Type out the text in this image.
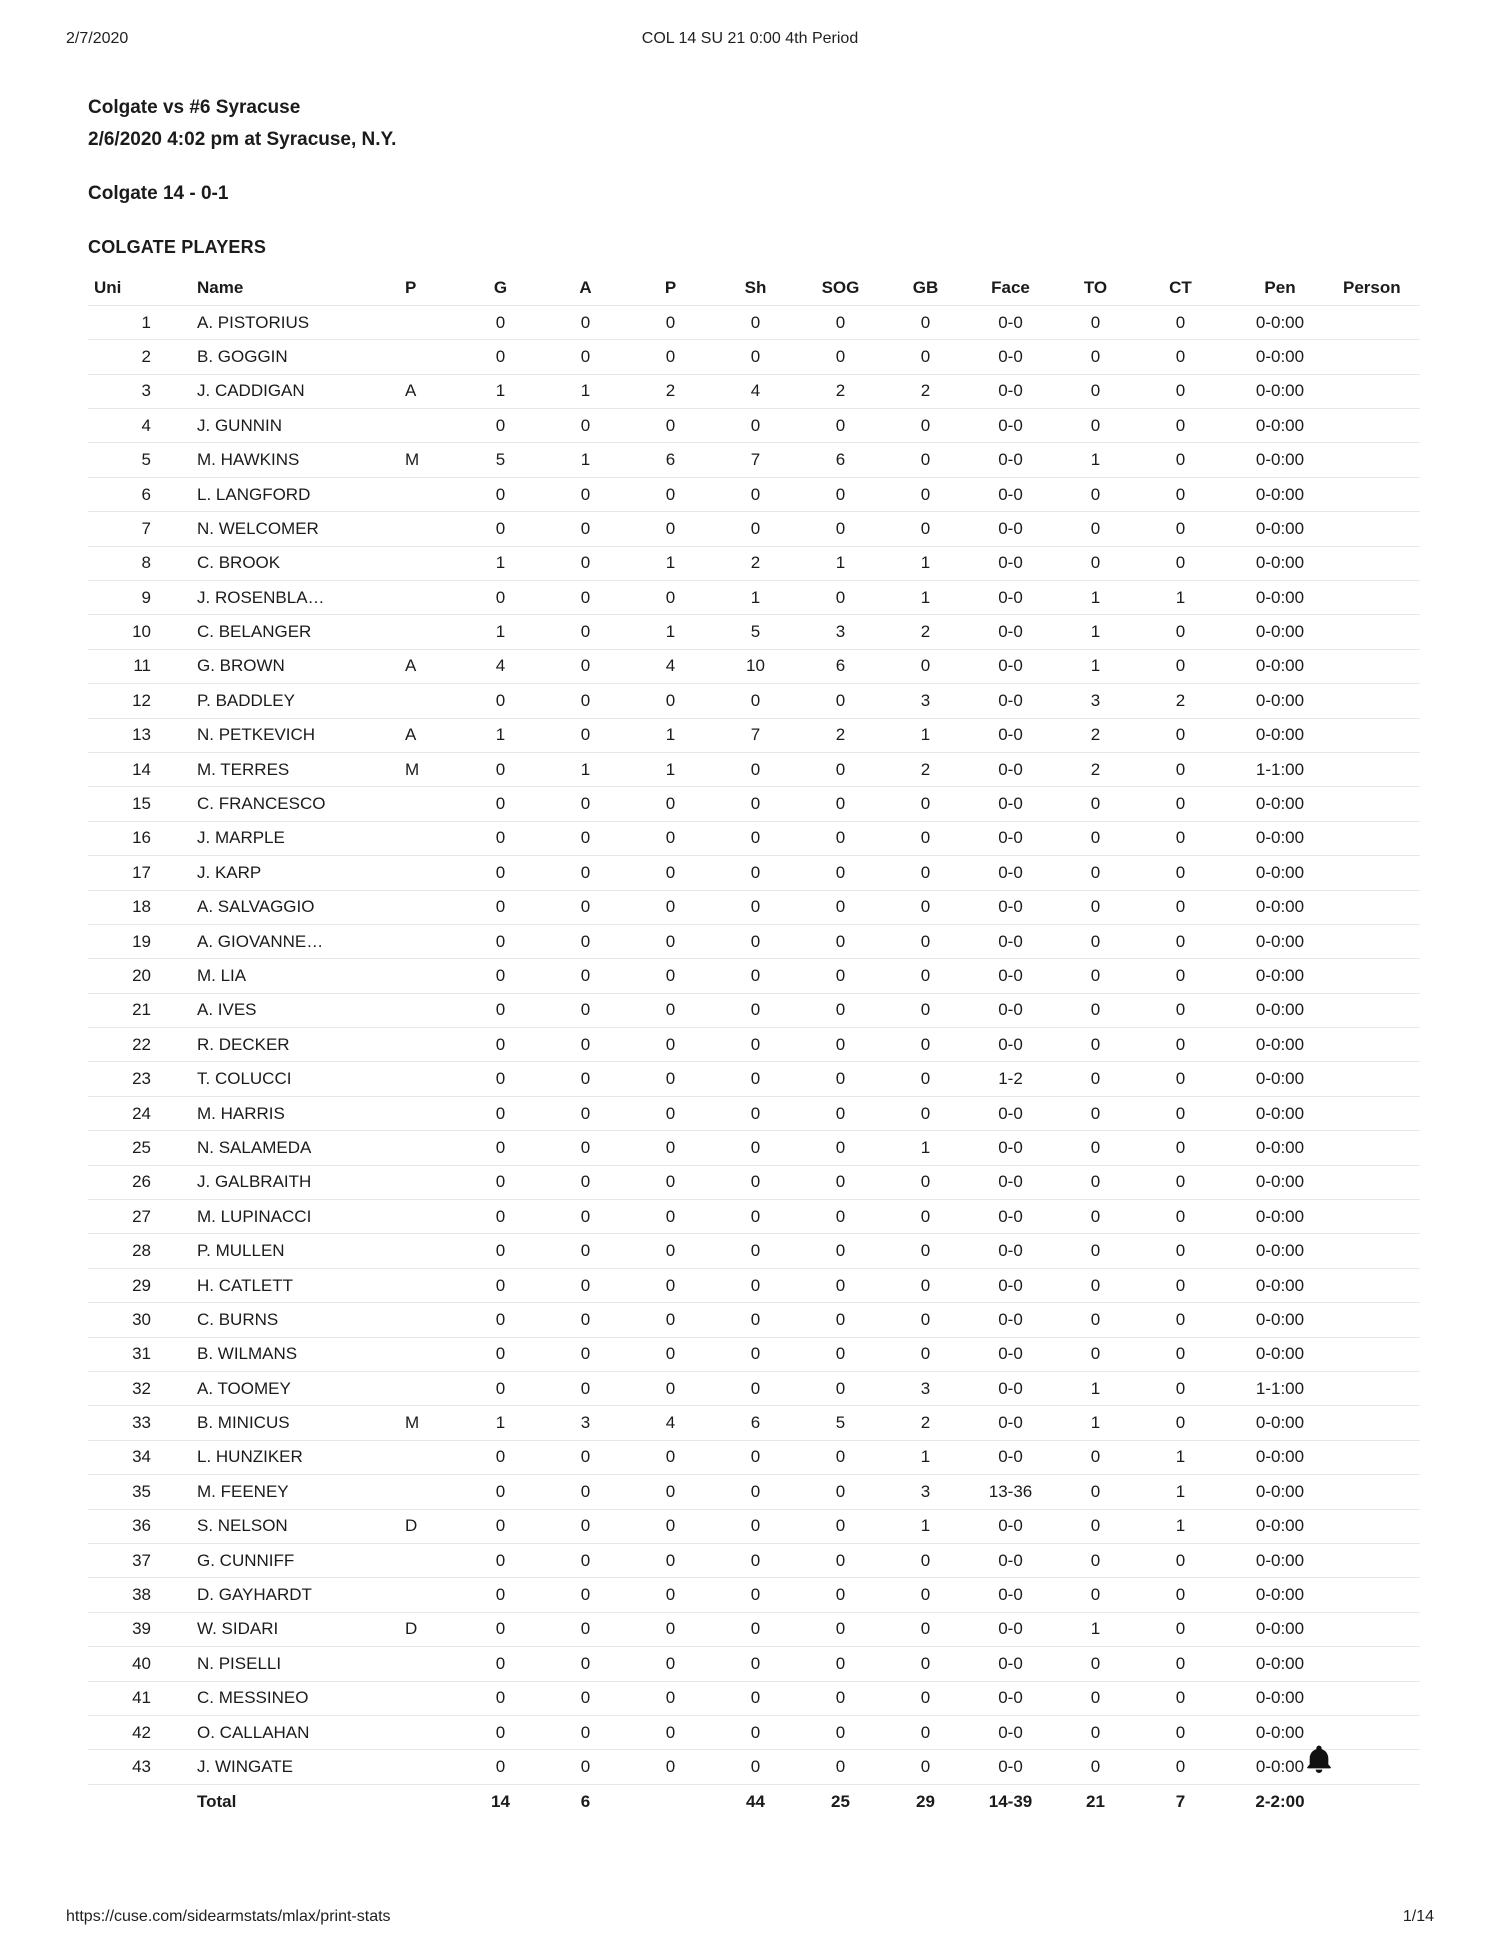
2/7/2020	COL 14 SU 21 0:00 4th Period
Colgate vs #6 Syracuse
2/6/2020 4:02 pm at Syracuse, N.Y.
Colgate 14 - 0-1
COLGATE PLAYERS
Uni	Name	P	G	A	P	Sh	SOG	GB	Face	TO	CT	Pen	Person
1	A. PISTORIUS		0	0	0	0	0	0	0-0	0	0	0-0:00	
2	B. GOGGIN		0	0	0	0	0	0	0-0	0	0	0-0:00	
3	J. CADDIGAN	A	1	1	2	4	2	2	0-0	0	0	0-0:00	
4	J. GUNNIN		0	0	0	0	0	0	0-0	0	0	0-0:00	
5	M. HAWKINS	M	5	1	6	7	6	0	0-0	1	0	0-0:00	
6	L. LANGFORD		0	0	0	0	0	0	0-0	0	0	0-0:00	
7	N. WELCOMER		0	0	0	0	0	0	0-0	0	0	0-0:00	
8	C. BROOK		1	0	1	2	1	1	0-0	0	0	0-0:00	
9	J. ROSENBLA…		0	0	0	1	0	1	0-0	1	1	0-0:00	
10	C. BELANGER		1	0	1	5	3	2	0-0	1	0	0-0:00	
11	G. BROWN	A	4	0	4	10	6	0	0-0	1	0	0-0:00	
12	P. BADDLEY		0	0	0	0	0	3	0-0	3	2	0-0:00	
13	N. PETKEVICH	A	1	0	1	7	2	1	0-0	2	0	0-0:00	
14	M. TERRES	M	0	1	1	0	0	2	0-0	2	0	1-1:00	
15	C. FRANCESCO		0	0	0	0	0	0	0-0	0	0	0-0:00	
16	J. MARPLE		0	0	0	0	0	0	0-0	0	0	0-0:00	
17	J. KARP		0	0	0	0	0	0	0-0	0	0	0-0:00	
18	A. SALVAGGIO		0	0	0	0	0	0	0-0	0	0	0-0:00	
19	A. GIOVANNE…		0	0	0	0	0	0	0-0	0	0	0-0:00	
20	M. LIA		0	0	0	0	0	0	0-0	0	0	0-0:00	
21	A. IVES		0	0	0	0	0	0	0-0	0	0	0-0:00	
22	R. DECKER		0	0	0	0	0	0	0-0	0	0	0-0:00	
23	T. COLUCCI		0	0	0	0	0	0	1-2	0	0	0-0:00	
24	M. HARRIS		0	0	0	0	0	0	0-0	0	0	0-0:00	
25	N. SALAMEDA		0	0	0	0	0	1	0-0	0	0	0-0:00	
26	J. GALBRAITH		0	0	0	0	0	0	0-0	0	0	0-0:00	
27	M. LUPINACCI		0	0	0	0	0	0	0-0	0	0	0-0:00	
28	P. MULLEN		0	0	0	0	0	0	0-0	0	0	0-0:00	
29	H. CATLETT		0	0	0	0	0	0	0-0	0	0	0-0:00	
30	C. BURNS		0	0	0	0	0	0	0-0	0	0	0-0:00	
31	B. WILMANS		0	0	0	0	0	0	0-0	0	0	0-0:00	
32	A. TOOMEY		0	0	0	0	0	3	0-0	1	0	1-1:00	
33	B. MINICUS	M	1	3	4	6	5	2	0-0	1	0	0-0:00	
34	L. HUNZIKER		0	0	0	0	0	1	0-0	0	1	0-0:00	
35	M. FEENEY		0	0	0	0	0	3	13-36	0	1	0-0:00	
36	S. NELSON	D	0	0	0	0	0	1	0-0	0	1	0-0:00	
37	G. CUNNIFF		0	0	0	0	0	0	0-0	0	0	0-0:00	
38	D. GAYHARDT		0	0	0	0	0	0	0-0	0	0	0-0:00	
39	W. SIDARI	D	0	0	0	0	0	0	0-0	1	0	0-0:00	
40	N. PISELLI		0	0	0	0	0	0	0-0	0	0	0-0:00	
41	C. MESSINEO		0	0	0	0	0	0	0-0	0	0	0-0:00	
42	O. CALLAHAN		0	0	0	0	0	0	0-0	0	0	0-0:00	
43	J. WINGATE		0	0	0	0	0	0	0-0	0	0	0-0:00	
	Total		14	6		44	25	29	14-39	21	7	2-2:00	
https://cuse.com/sidearmstats/mlax/print-stats	1/14
